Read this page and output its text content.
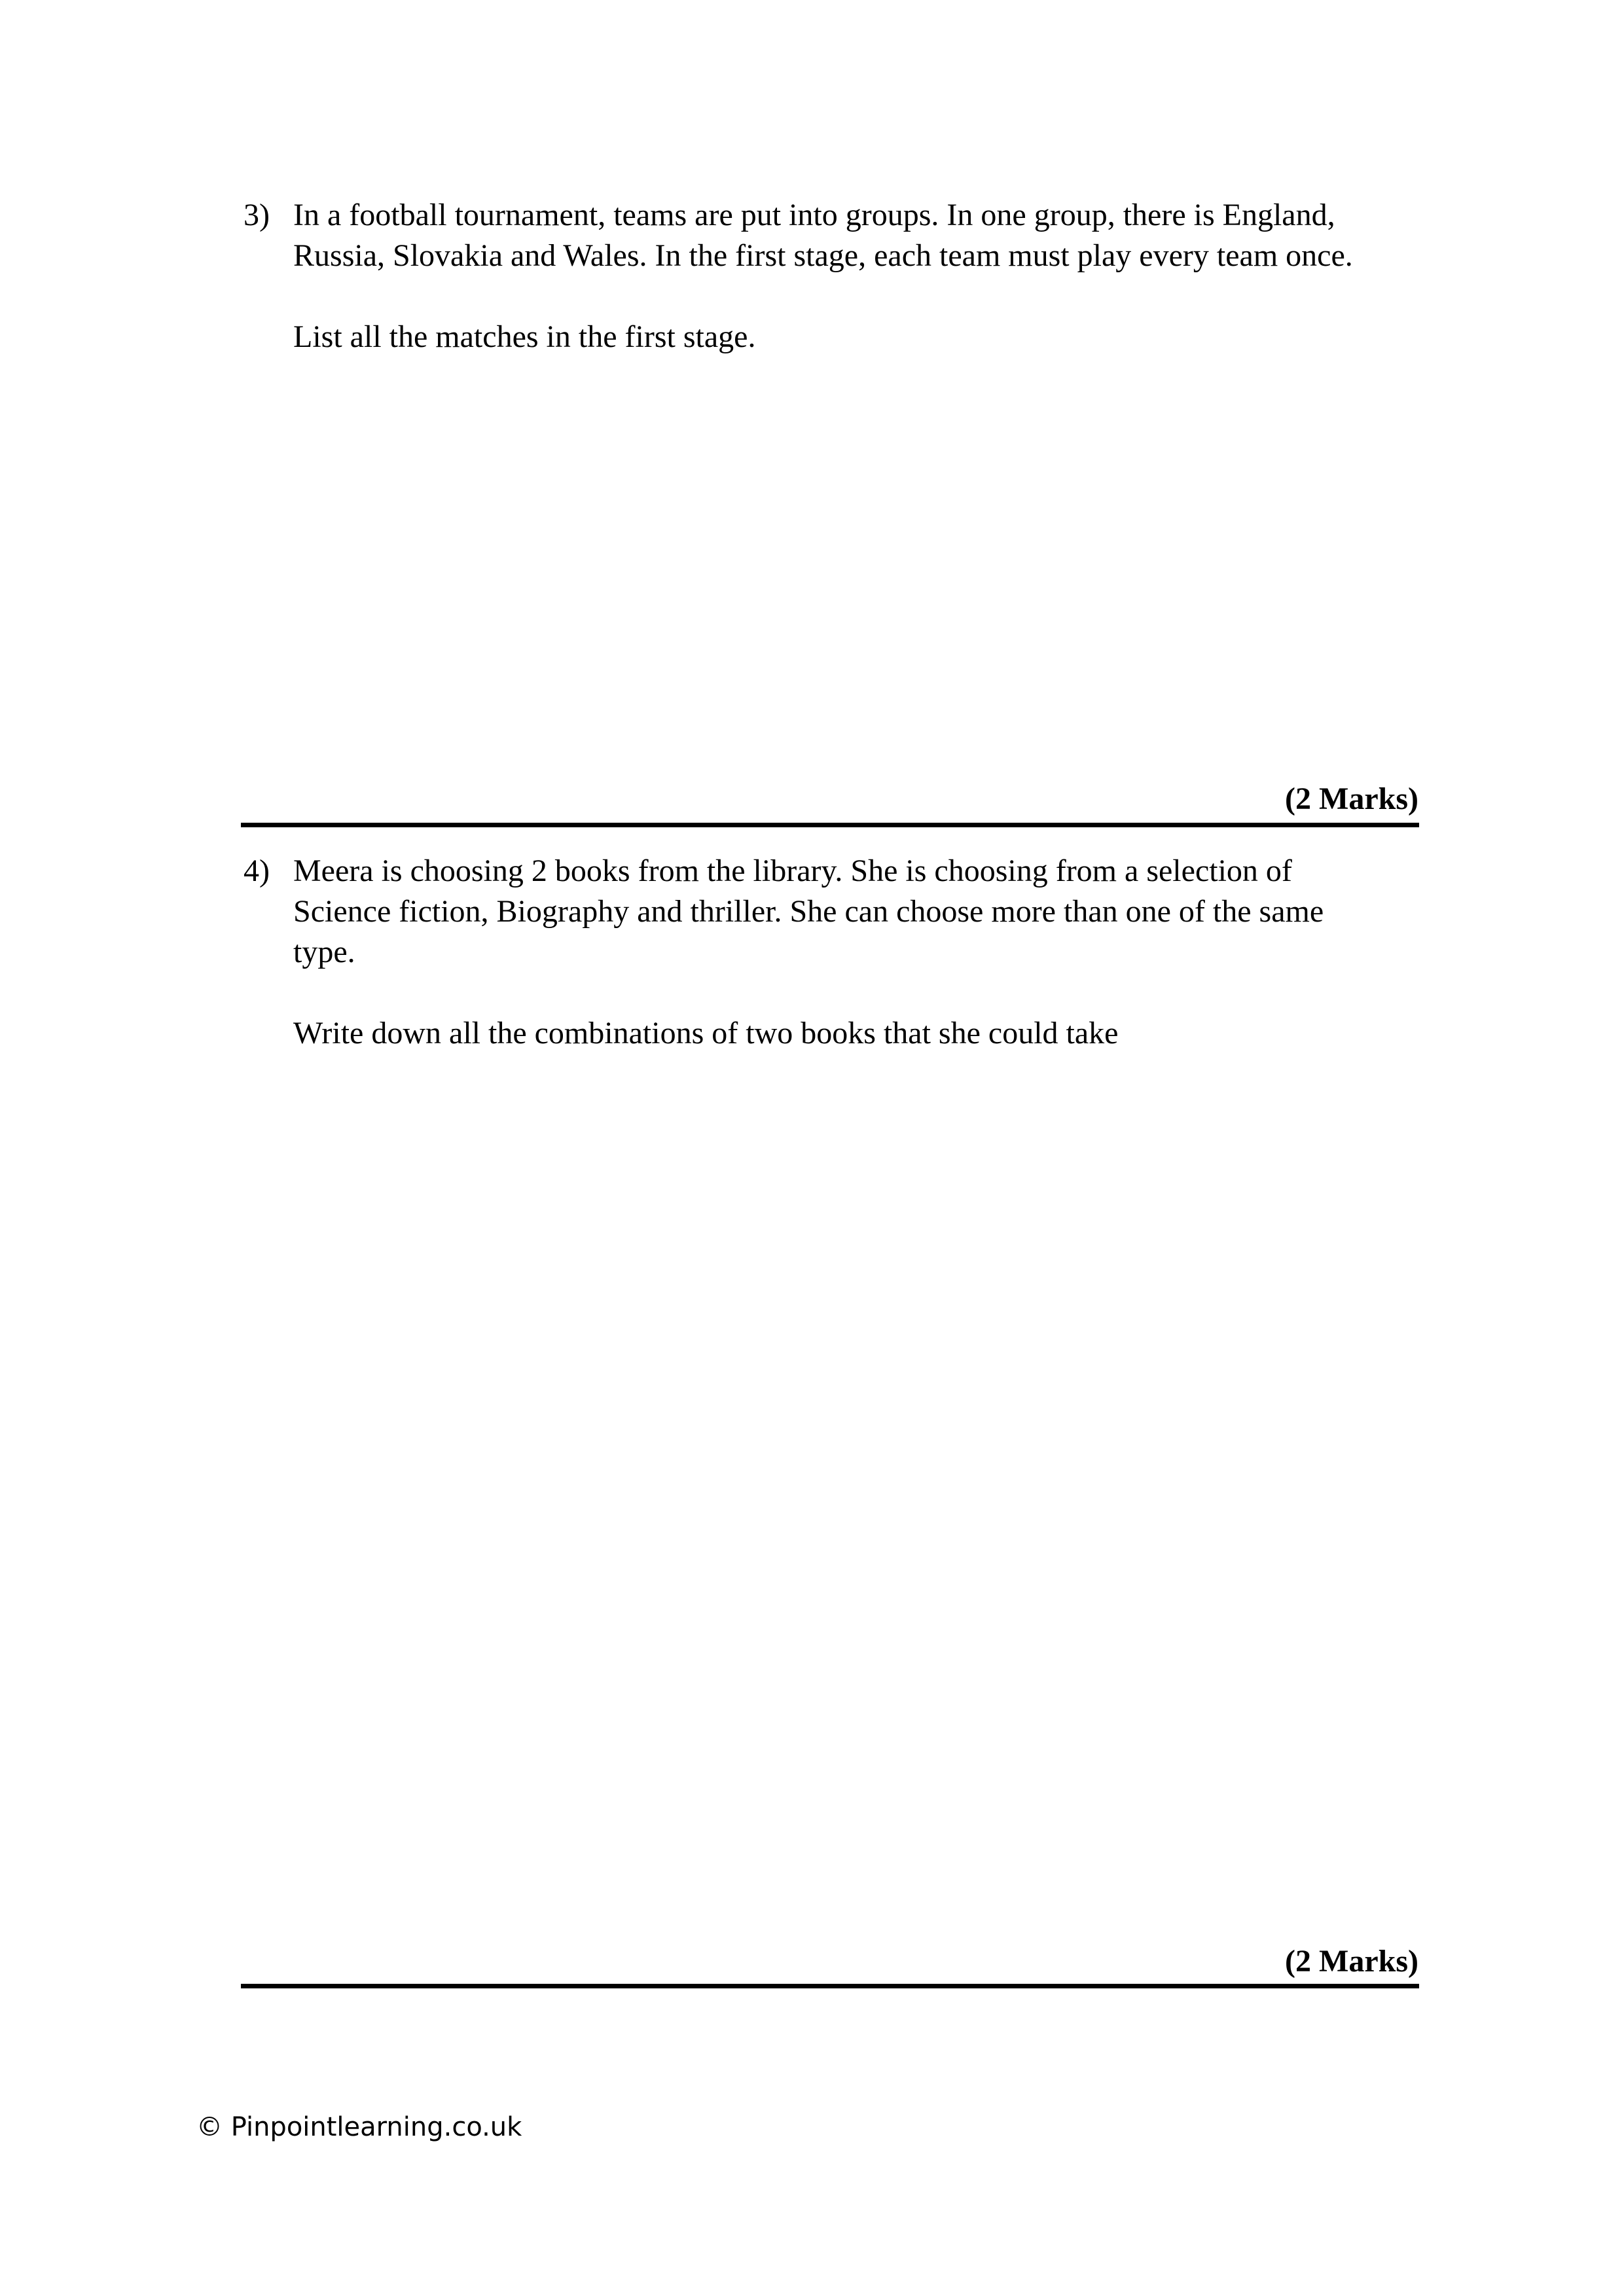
3) In a football tournament, teams are put into groups. In one group, there is England,
Russia, Slovakia and Wales. In the first stage, each team must play every team once.

List all the matches in the first stage.

(2 Marks)
4) Meera is choosing 2 books from the library. She is choosing from a selection of
Science fiction, Biography and thriller. She can choose more than one of the same
type.

Write down all the combinations of two books that she could take

(2 Marks)
© Pinpointlearning.co.uk
